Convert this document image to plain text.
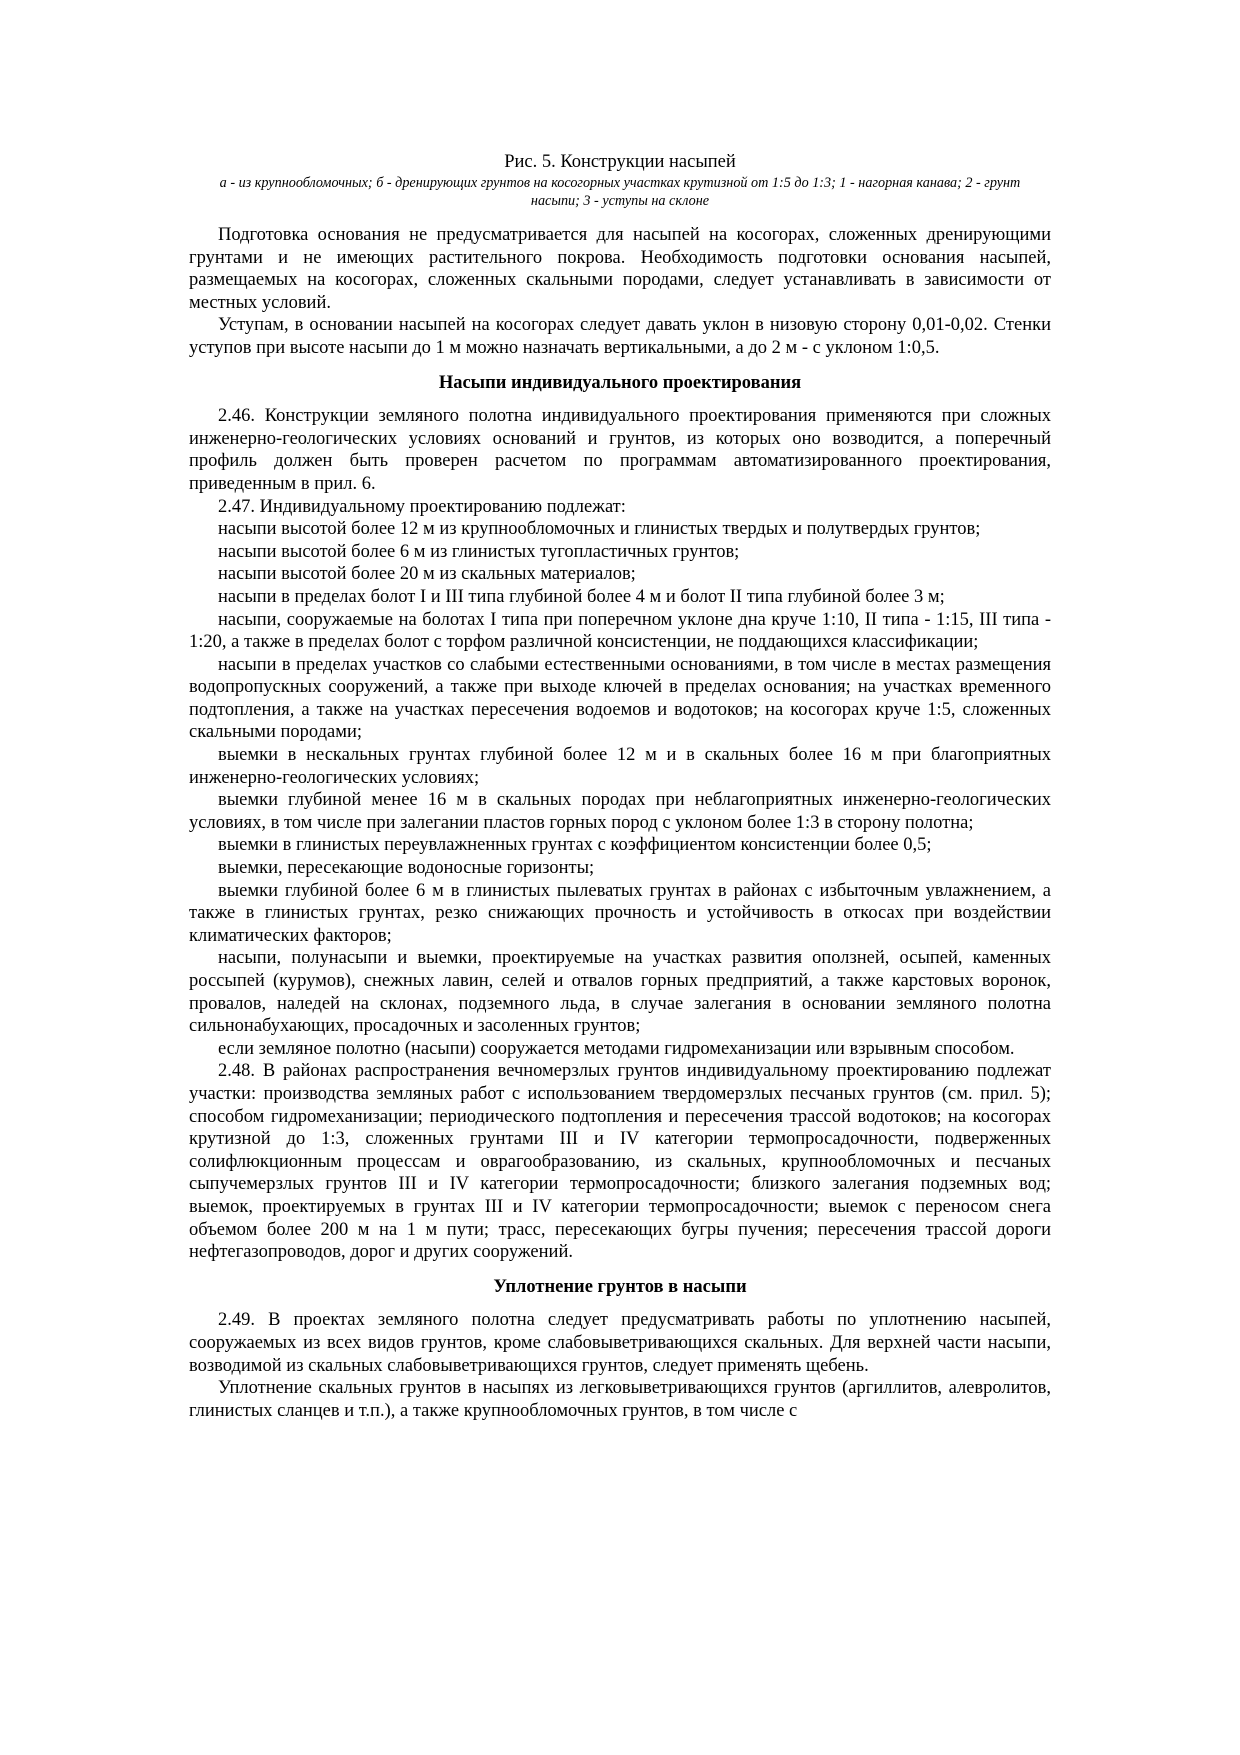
Рис. 5. Конструкции насыпей

а - из крупнообломочных; б - дренирующих грунтов на косогорных участках крутизной от 1:5 до 1:3; 1 - нагорная канава; 2 - грунт насыпи; 3 - уступы на склоне

Подготовка основания не предусматривается для насыпей на косогорах, сложенных дренирующими грунтами и не имеющих растительного покрова. Необходимость подготовки основания насыпей, размещаемых на косогорах, сложенных скальными породами, следует устанавливать в зависимости от местных условий.

Уступам, в основании насыпей на косогорах следует давать уклон в низовую сторону 0,01-0,02. Стенки уступов при высоте насыпи до 1 м можно назначать вертикальными, а до 2 м - с уклоном 1:0,5.

Насыпи индивидуального проектирования

2.46. Конструкции земляного полотна индивидуального проектирования применяются при сложных инженерно-геологических условиях оснований и грунтов, из которых оно возводится, а поперечный профиль должен быть проверен расчетом по программам автоматизированного проектирования, приведенным в прил. 6.

2.47. Индивидуальному проектированию подлежат:

насыпи высотой более 12 м из крупнообломочных и глинистых твердых и полутвердых грунтов;

насыпи высотой более 6 м из глинистых тугопластичных грунтов;

насыпи высотой более 20 м из скальных материалов;

насыпи в пределах болот I и III типа глубиной более 4 м и болот II типа глубиной более 3 м;

насыпи, сооружаемые на болотах I типа при поперечном уклоне дна круче 1:10, II типа - 1:15, III типа - 1:20, а также в пределах болот с торфом различной консистенции, не поддающихся классификации;

насыпи в пределах участков со слабыми естественными основаниями, в том числе в местах размещения водопропускных сооружений, а также при выходе ключей в пределах основания; на участках временного подтопления, а также на участках пересечения водоемов и водотоков; на косогорах круче 1:5, сложенных скальными породами;

выемки в нескальных грунтах глубиной более 12 м и в скальных более 16 м при благоприятных инженерно-геологических условиях;

выемки глубиной менее 16 м в скальных породах при неблагоприятных инженерно-геологических условиях, в том числе при залегании пластов горных пород с уклоном более 1:3 в сторону полотна;

выемки в глинистых переувлажненных грунтах с коэффициентом консистенции более 0,5;

выемки, пересекающие водоносные горизонты;

выемки глубиной более 6 м в глинистых пылеватых грунтах в районах с избыточным увлажнением, а также в глинистых грунтах, резко снижающих прочность и устойчивость в откосах при воздействии климатических факторов;

насыпи, полунасыпи и выемки, проектируемые на участках развития оползней, осыпей, каменных россыпей (курумов), снежных лавин, селей и отвалов горных предприятий, а также карстовых воронок, провалов, наледей на склонах, подземного льда, в случае залегания в основании земляного полотна сильнонабухающих, просадочных и засоленных грунтов;

если земляное полотно (насыпи) сооружается методами гидромеханизации или взрывным способом.

2.48. В районах распространения вечномерзлых грунтов индивидуальному проектированию подлежат участки: производства земляных работ с использованием твердомерзлых песчаных грунтов (см. прил. 5); способом гидромеханизации; периодического подтопления и пересечения трассой водотоков; на косогорах крутизной до 1:3, сложенных грунтами III и IV категории термопросадочности, подверженных солифлюкционным процессам и оврагообразованию, из скальных, крупнообломочных и песчаных сыпучемерзлых грунтов III и IV категории термопросадочности; близкого залегания подземных вод; выемок, проектируемых в грунтах III и IV категории термопросадочности; выемок с переносом снега объемом более 200 м на 1 м пути; трасс, пересекающих бугры пучения; пересечения трассой дороги нефтегазопроводов, дорог и других сооружений.

Уплотнение грунтов в насыпи

2.49. В проектах земляного полотна следует предусматривать работы по уплотнению насыпей, сооружаемых из всех видов грунтов, кроме слабовыветривающихся скальных. Для верхней части насыпи, возводимой из скальных слабовыветривающихся грунтов, следует применять щебень.

Уплотнение скальных грунтов в насыпях из легковыветривающихся грунтов (аргиллитов, алевролитов, глинистых сланцев и т.п.), а также крупнообломочных грунтов, в том числе с
